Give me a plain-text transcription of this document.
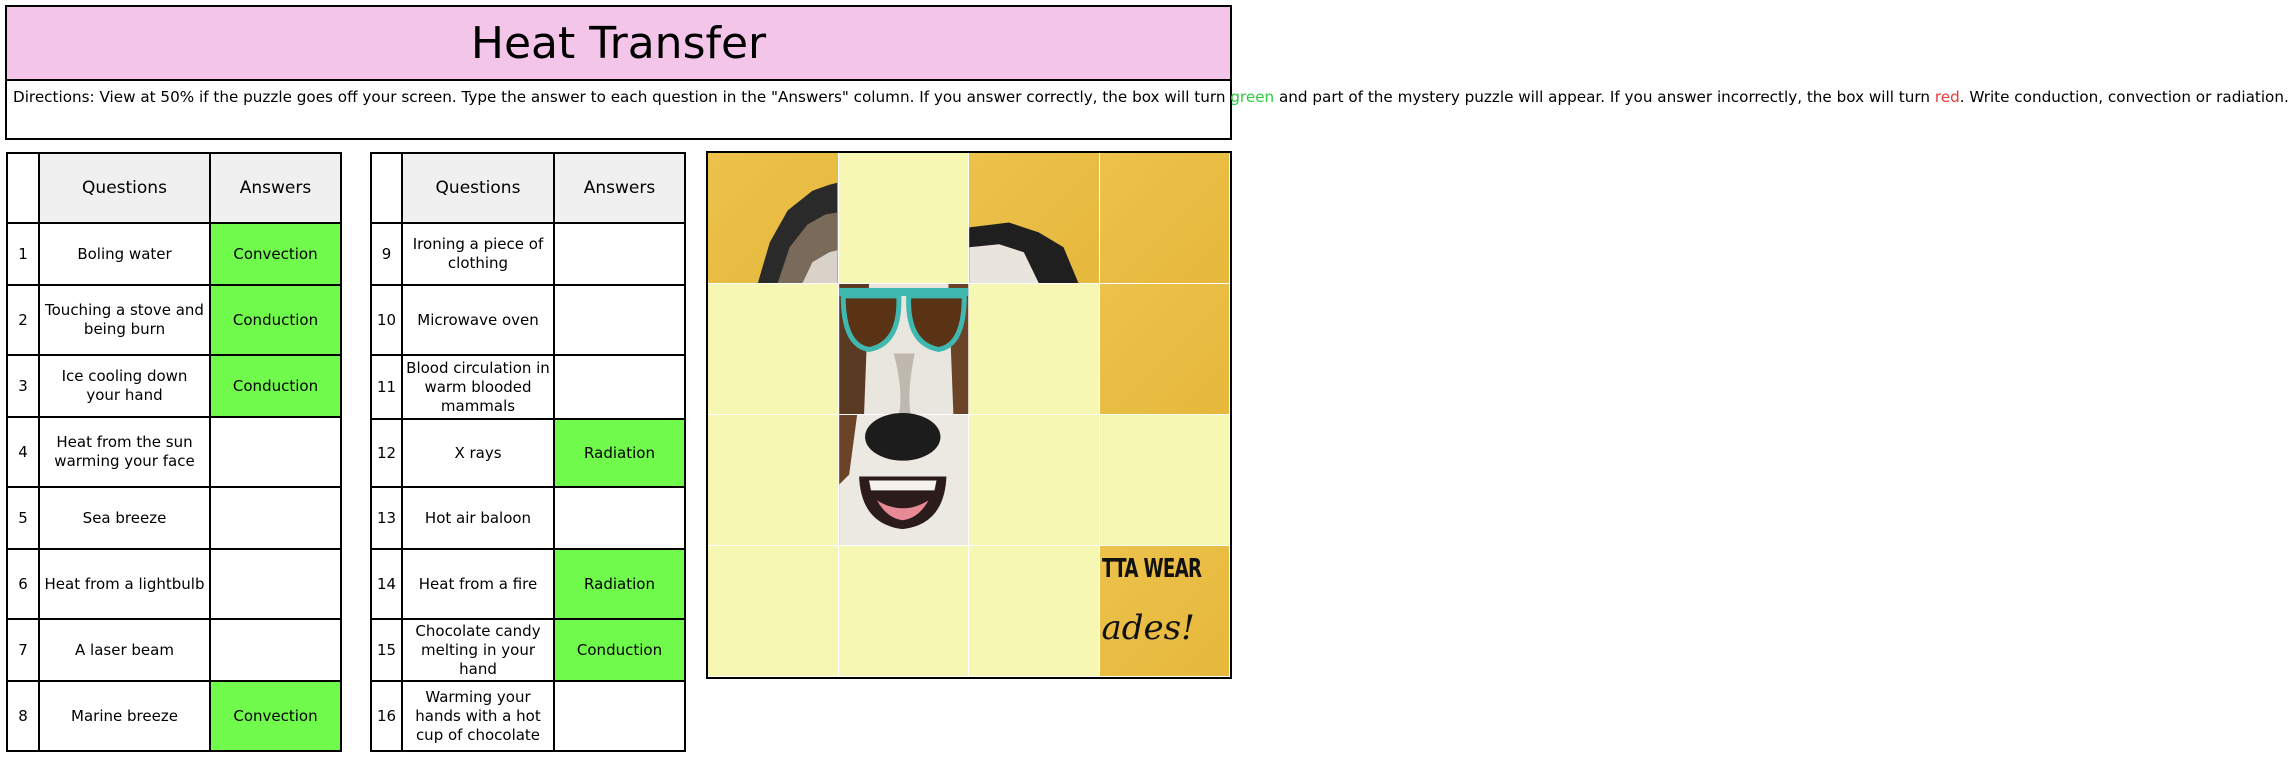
Heat Transfer
Directions: View at 50% if the puzzle goes off your screen. Type the answer to each question in the "Answers" column. If you answer correctly, the box will turn green and part of the mystery puzzle will appear. If you answer incorrectly, the box will turn red. Write conduction, convection or radiation.
	Questions	Answers
1	Boling water	Convection
2	Touching a stove and being burn	Conduction
3	Ice cooling down your hand	Conduction
4	Heat from the sun warming your face	
5	Sea breeze	
6	Heat from a lightbulb	
7	A laser beam	
8	Marine breeze	Convection
	Questions	Answers
9	Ironing a piece of clothing	
10	Microwave oven	
11	Blood circulation in warm blooded mammals	
12	X rays	Radiation
13	Hot air baloon	
14	Heat from a fire	Radiation
15	Chocolate candy melting in your hand	Conduction
16	Warming your hands with a hot cup of chocolate	
TTA WEAR
ades!
